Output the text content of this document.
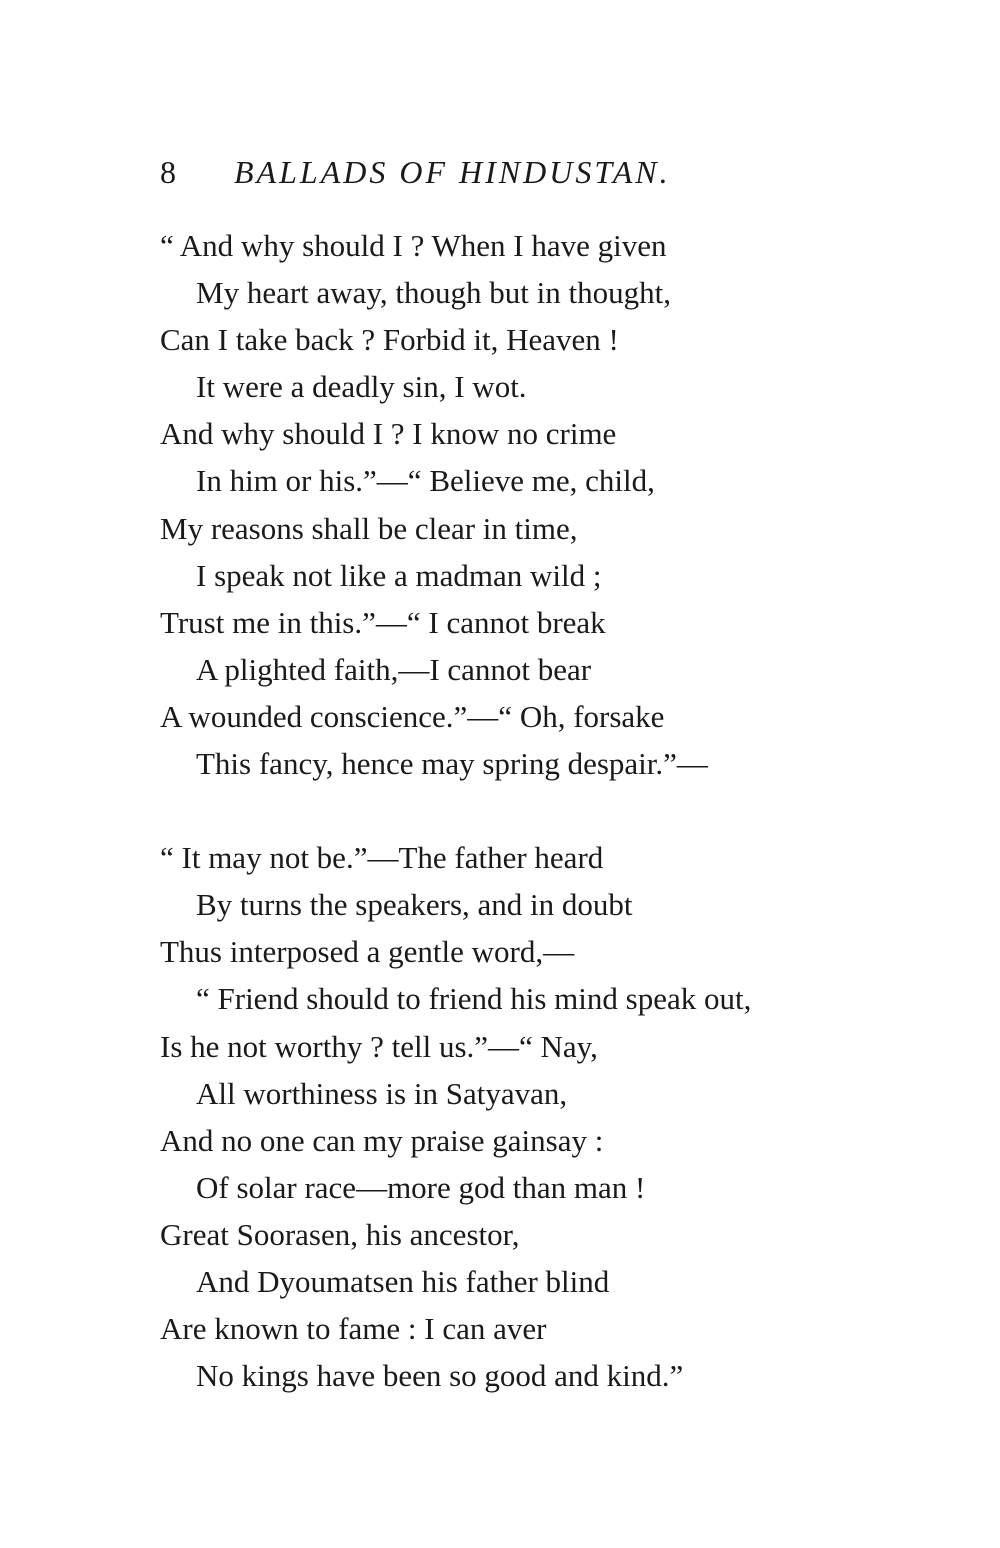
8 BALLADS OF HINDUSTAN.
“ And why should I ? When I have given
My heart away, though but in thought,
Can I take back ? Forbid it, Heaven !
It were a deadly sin, I wot.
And why should I ? I know no crime
In him or his.”—“ Believe me, child,
My reasons shall be clear in time,
I speak not like a madman wild ;
Trust me in this.”—“ I cannot break
A plighted faith,—I cannot bear
A wounded conscience.”—“ Oh, forsake
This fancy, hence may spring despair.”—
“ It may not be.”—The father heard
By turns the speakers, and in doubt
Thus interposed a gentle word,—
“ Friend should to friend his mind speak out,
Is he not worthy ? tell us.”—“ Nay,
All worthiness is in Satyavan,
And no one can my praise gainsay :
Of solar race—more god than man !
Great Soorasen, his ancestor,
And Dyoumatsen his father blind
Are known to fame : I can aver
No kings have been so good and kind.”
